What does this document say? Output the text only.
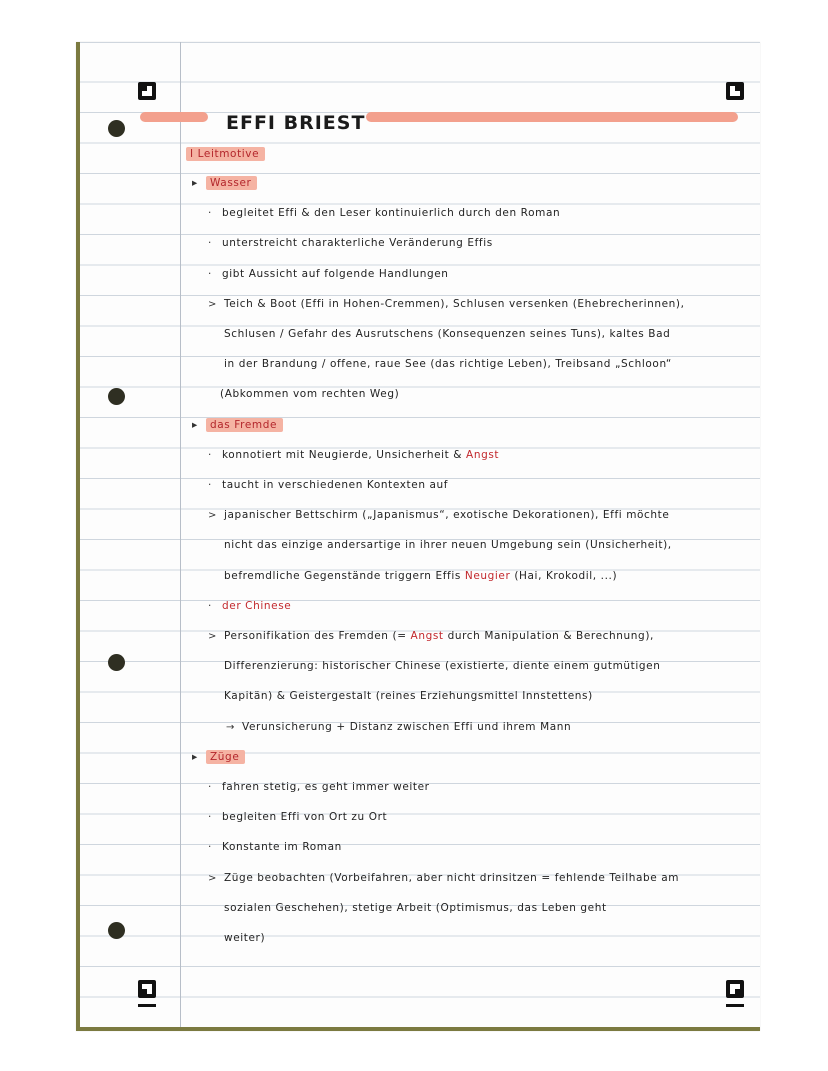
EFFI BRIEST
I Leitmotive
▸ Wasser
· begleitet Effi & den Leser kontinuierlich durch den Roman
· unterstreicht charakterliche Veränderung Effis
· gibt Aussicht auf folgende Handlungen
> Teich & Boot (Effi in Hohen-Cremmen), Schlusen versenken (Ehebrecherinnen),
Schlusen / Gefahr des Ausrutschens (Konsequenzen seines Tuns), kaltes Bad
in der Brandung / offene, raue See (das richtige Leben), Treibsand „Schloon“
(Abkommen vom rechten Weg)
▸ das Fremde
· konnotiert mit Neugierde, Unsicherheit & Angst
· taucht in verschiedenen Kontexten auf
> japanischer Bettschirm („Japanismus“, exotische Dekorationen), Effi möchte
nicht das einzige andersartige in ihrer neuen Umgebung sein (Unsicherheit),
befremdliche Gegenstände triggern Effis Neugier (Hai, Krokodil, ...)
· der Chinese
> Personifikation des Fremden (= Angst durch Manipulation & Berechnung),
Differenzierung: historischer Chinese (existierte, diente einem gutmütigen
Kapitän) & Geistergestalt (reines Erziehungsmittel Innstettens)
→ Verunsicherung + Distanz zwischen Effi und ihrem Mann
▸ Züge
· fahren stetig, es geht immer weiter
· begleiten Effi von Ort zu Ort
· Konstante im Roman
> Züge beobachten (Vorbeifahren, aber nicht drinsitzen = fehlende Teilhabe am
sozialen Geschehen), stetige Arbeit (Optimismus, das Leben geht
weiter)
